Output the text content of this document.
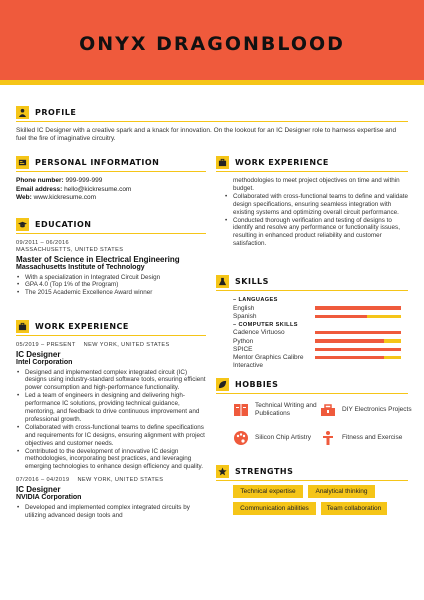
ONYX DRAGONBLOOD
PROFILE
Skilled IC Designer with a creative spark and a knack for innovation. On the lookout for an IC Designer role to harness expertise and fuel the fire of imaginative circuitry.
PERSONAL INFORMATION
Phone number: 999-999-999
Email address: hello@kickresume.com
Web: www.kickresume.com
EDUCATION
09/2011 – 06/2016
MASSACHUSETTS, UNITED STATES
Master of Science in Electrical Engineering
Massachusetts Institute of Technology
• With a specialization in Integrated Circuit Design
• GPA 4.0 (Top 1% of the Program)
• The 2015 Academic Excellence Award winner
WORK EXPERIENCE
05/2019 – PRESENT NEW YORK, UNITED STATES
IC Designer
Intel Corporation
• Designed and implemented complex integrated circuit (IC) designs using industry-standard software tools, ensuring efficient power consumption and high-performance functionality.
• Led a team of engineers in designing and delivering high-performance IC solutions, providing technical guidance, mentoring, and feedback to drive continuous improvement and professional growth.
• Collaborated with cross-functional teams to define specifications and requirements for IC designs, ensuring alignment with project objectives and customer needs.
• Contributed to the development of innovative IC design methodologies, incorporating best practices, and leveraging emerging technologies to enhance design efficiency and quality.
07/2016 – 04/2019 NEW YORK, UNITED STATES
IC Designer
NVIDIA Corporation
• Developed and implemented complex integrated circuits by utilizing advanced design tools and
WORK EXPERIENCE
methodologies to meet project objectives on time and within budget.
• Collaborated with cross-functional teams to define and validate design specifications, ensuring seamless integration with existing systems and optimizing overall circuit performance.
• Conducted thorough verification and testing of designs to identify and resolve any performance or functionality issues, resulting in enhanced product reliability and customer satisfaction.
SKILLS
– LANGUAGES
English
Spanish
– COMPUTER SKILLS
Cadence Virtuoso
Python
SPICE
Mentor Graphics Calibre
Interactive
HOBBIES
Technical Writing and Publications
DIY Electronics Projects
Silicon Chip Artistry	Fitness and Exercise
STRENGTHS
Technical expertise	Analytical thinking
Communication abilities	Team collaboration
